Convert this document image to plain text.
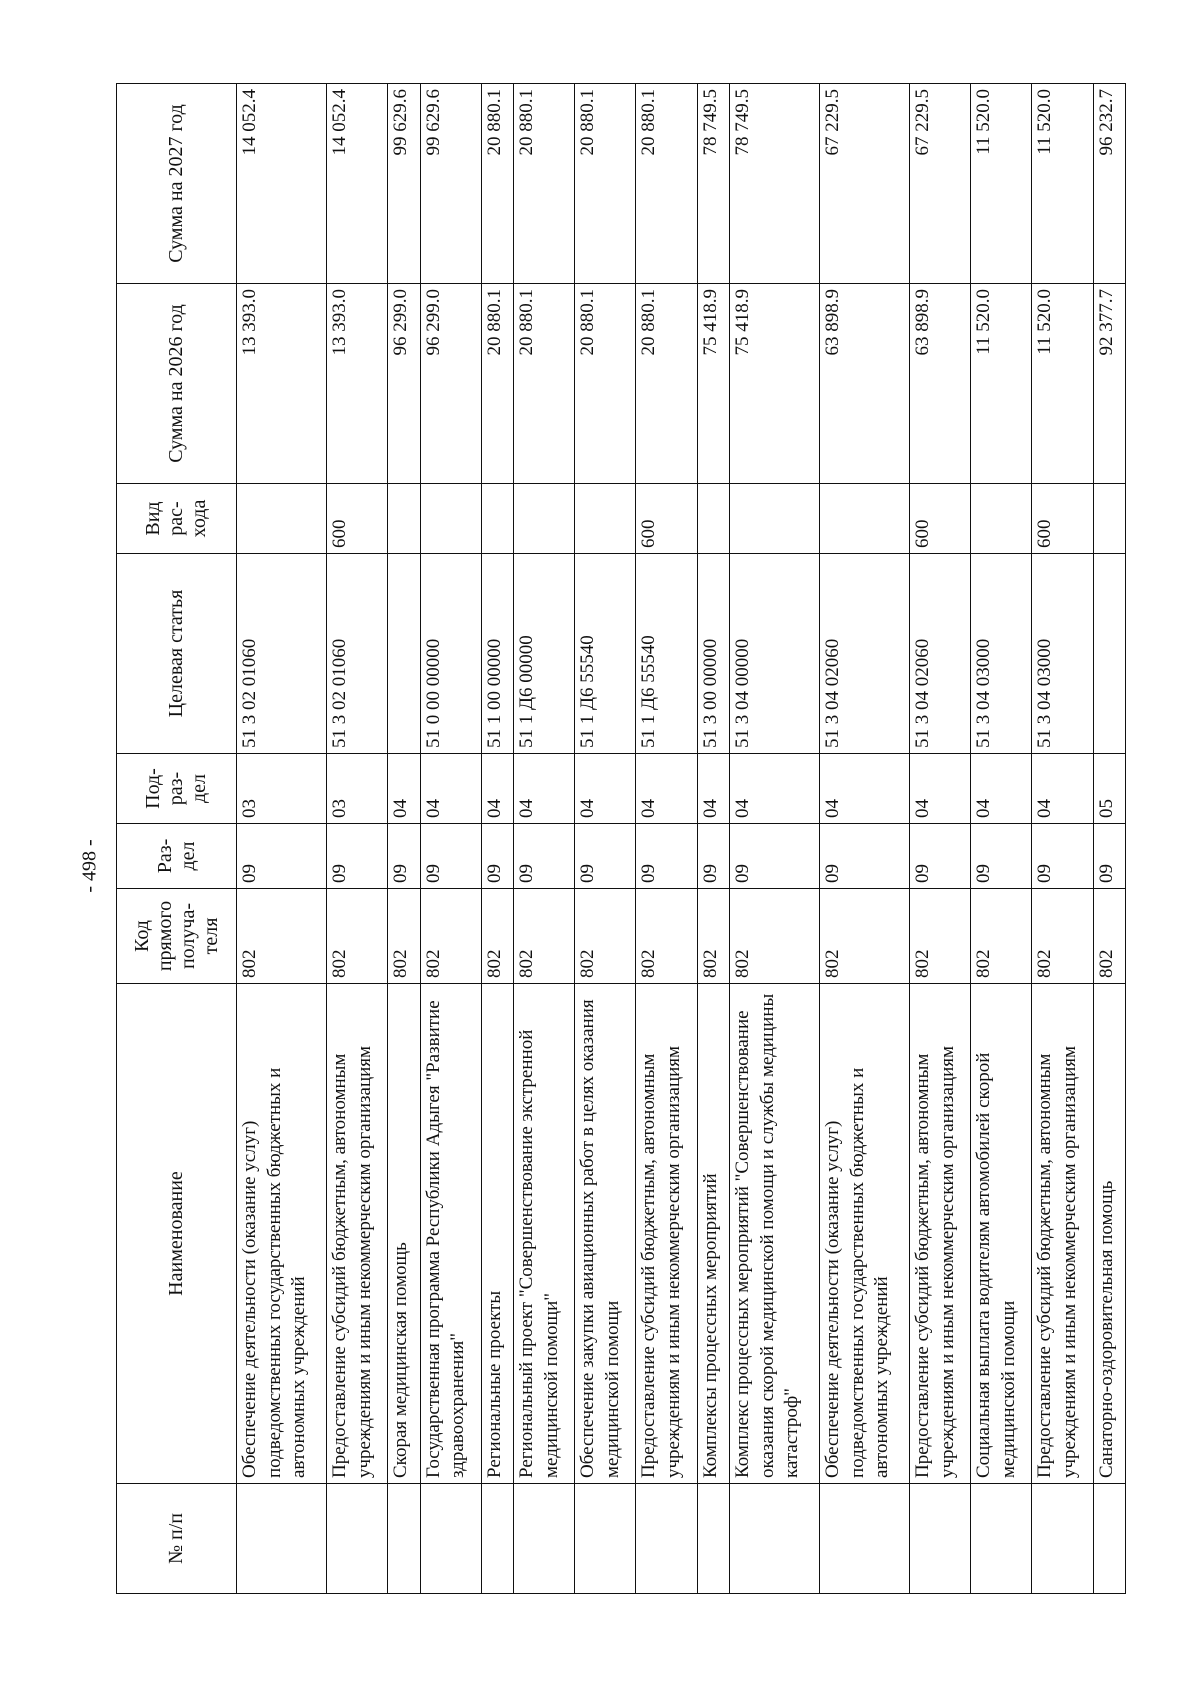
- 498 -
№ п/п	Наименование	Код прямого получа-теля	Раз-дел	Под-раз-дел	Целевая статья	Вид рас-хода	Сумма на 2026 год	Сумма на 2027 год
	Обеспечение деятельности (оказание услуг) подведомственных государственных бюджетных и автономных учреждений	802	09	03	51 3 02 01060		13 393.0	14 052.4
	Предоставление субсидий бюджетным, автономным учреждениям и иным некоммерческим организациям	802	09	03	51 3 02 01060	600	13 393.0	14 052.4
	Скорая медицинская помощь	802	09	04			96 299.0	99 629.6
	Государственная программа Республики Адыгея "Развитие здравоохранения"	802	09	04	51 0 00 00000		96 299.0	99 629.6
	Региональные проекты	802	09	04	51 1 00 00000		20 880.1	20 880.1
	Региональный проект "Совершенствование экстренной медицинской помощи"	802	09	04	51 1 Д6 00000		20 880.1	20 880.1
	Обеспечение закупки авиационных работ в целях оказания медицинской помощи	802	09	04	51 1 Д6 55540		20 880.1	20 880.1
	Предоставление субсидий бюджетным, автономным учреждениям и иным некоммерческим организациям	802	09	04	51 1 Д6 55540	600	20 880.1	20 880.1
	Комплексы процессных мероприятий	802	09	04	51 3 00 00000		75 418.9	78 749.5
	Комплекс процессных мероприятий "Совершенствование оказания скорой медицинской помощи и службы медицины катастроф"	802	09	04	51 3 04 00000		75 418.9	78 749.5
	Обеспечение деятельности (оказание услуг) подведомственных государственных бюджетных и автономных учреждений	802	09	04	51 3 04 02060		63 898.9	67 229.5
	Предоставление субсидий бюджетным, автономным учреждениям и иным некоммерческим организациям	802	09	04	51 3 04 02060	600	63 898.9	67 229.5
	Социальная выплата водителям автомобилей скорой медицинской помощи	802	09	04	51 3 04 03000		11 520.0	11 520.0
	Предоставление субсидий бюджетным, автономным учреждениям и иным некоммерческим организациям	802	09	04	51 3 04 03000	600	11 520.0	11 520.0
	Санаторно-оздоровительная помощь	802	09	05			92 377.7	96 232.7
